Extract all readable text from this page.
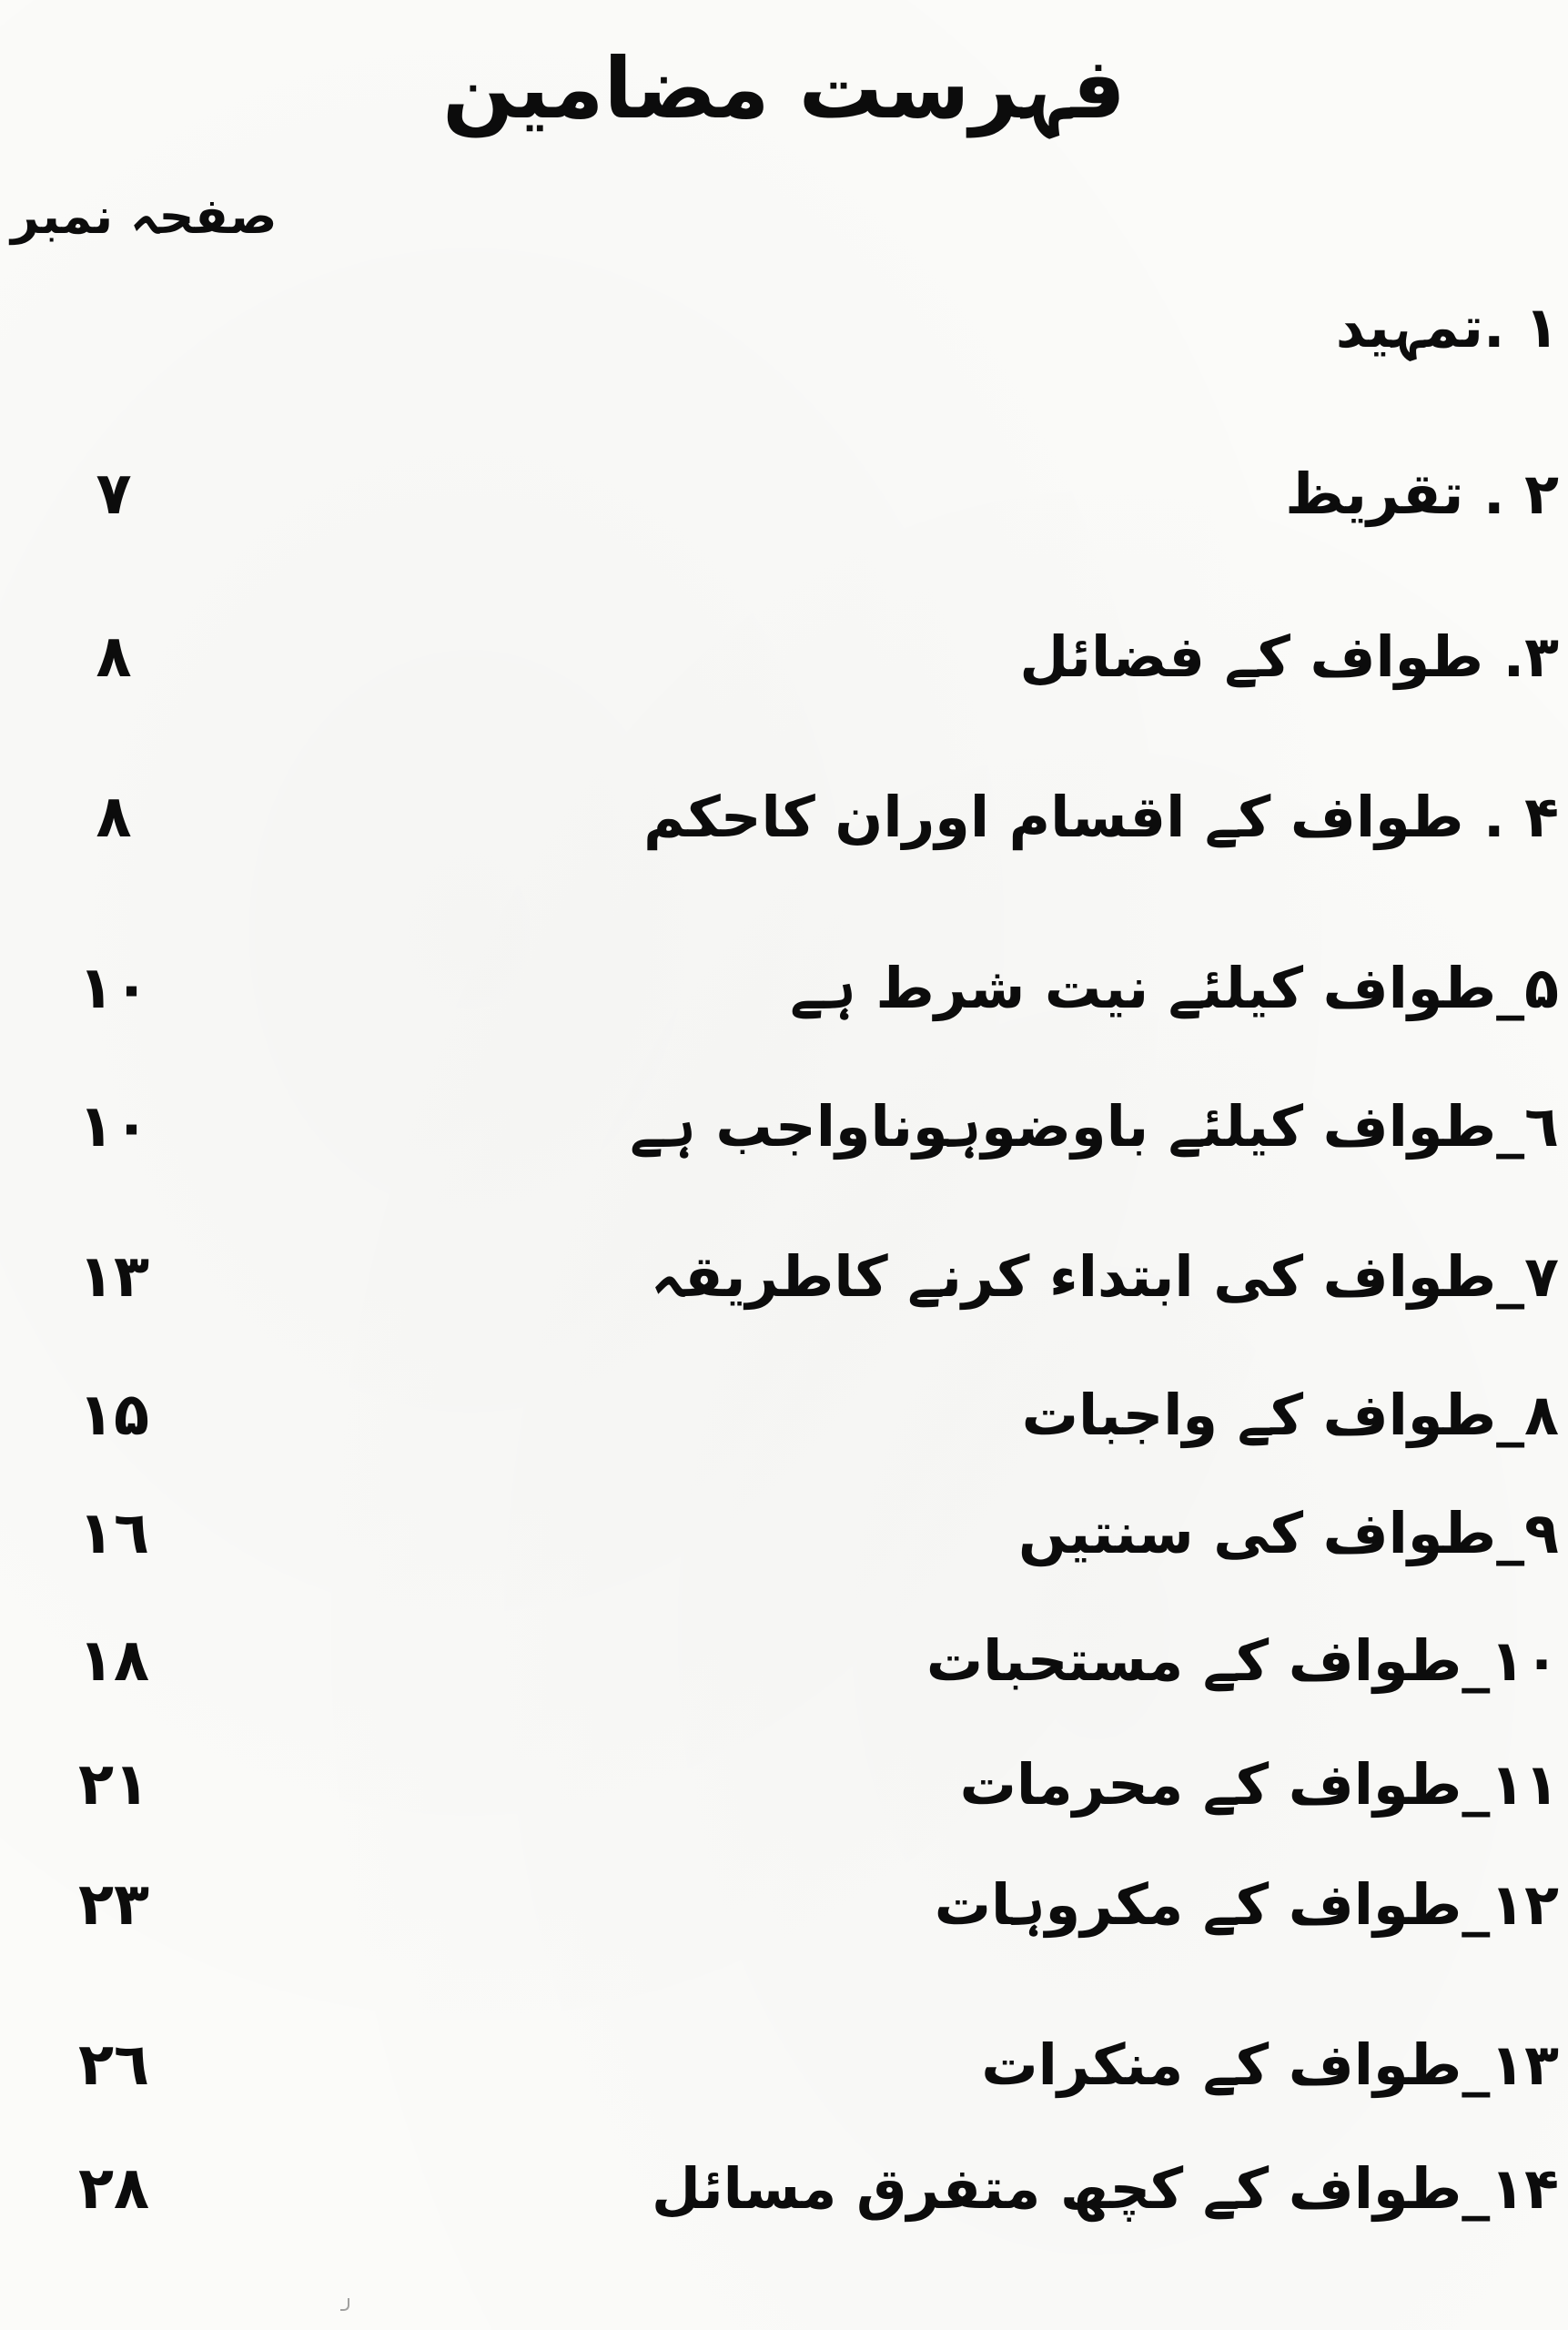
فہرست مضامین
صفحہ نمبر
۱ .تمہید
۲ . تقریظ
۷
۳. طواف کے فضائل
۸
۴ . طواف کے اقسام اوران کاحکم
۸
۵_طواف کیلئے نیت شرط ہے
۱۰
٦_طواف کیلئے باوضوہوناواجب ہے
۱۰
۷_طواف کی ابتداء کرنے کاطریقہ
۱۳
۸_طواف کے واجبات
۱۵
۹_طواف کی سنتیں
۱٦
۱۰_طواف کے مستحبات
۱۸
۱۱_طواف کے محرمات
۲۱
۱۲_طواف کے مکروہات
۲۳
۱۳_طواف کے منکرات
۲٦
۱۴_طواف کے کچھ متفرق مسائل
۲۸
